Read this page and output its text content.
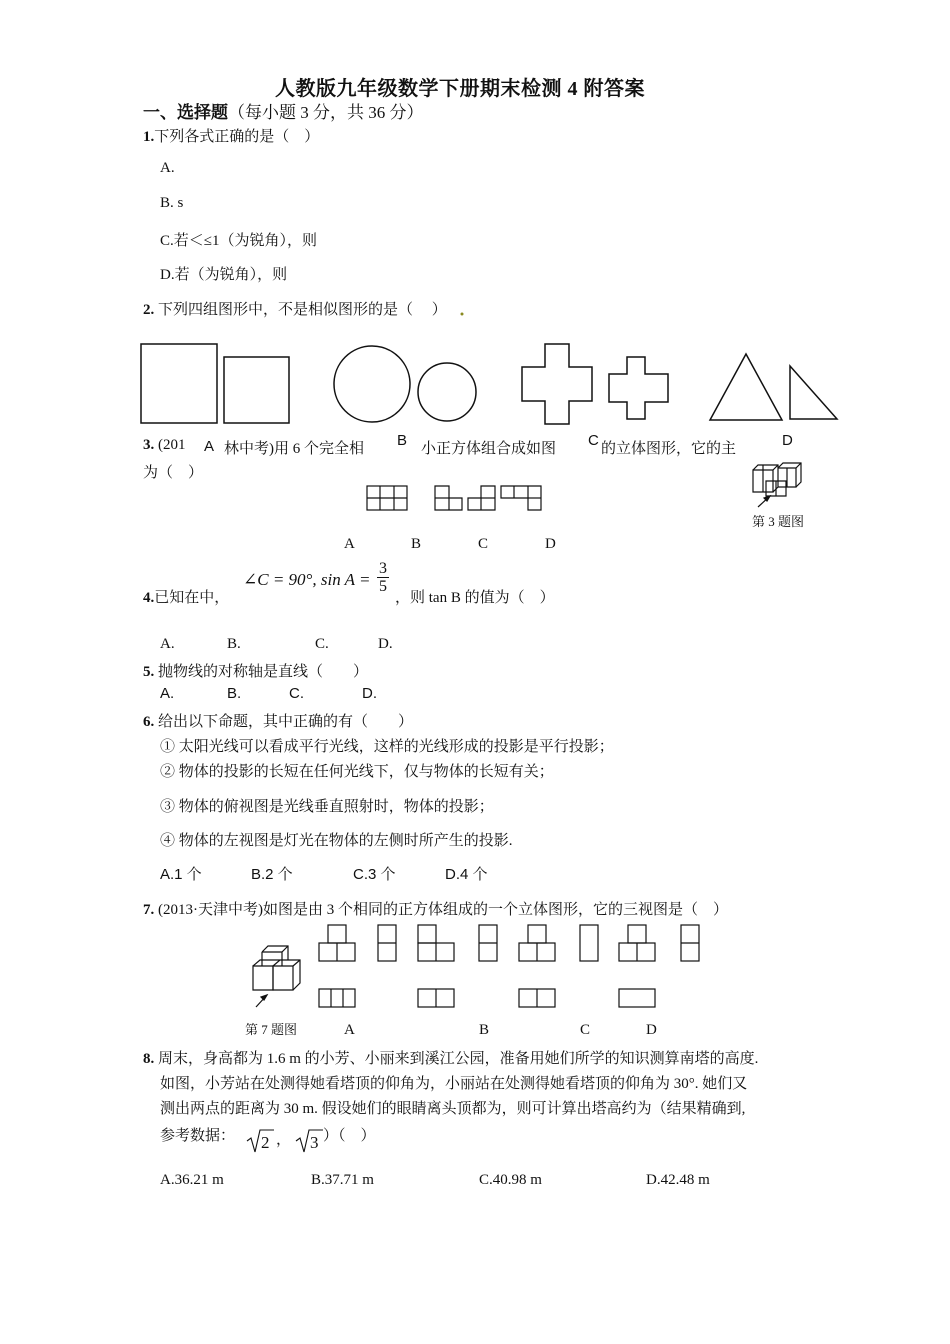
人教版九年级数学下册期末检测 4 附答案
一、选择题（每小题 3 分，共 36 分）
1.下列各式正确的是（　）
A.
B. s
C.若＜≤1（为锐角），则
D.若（为锐角），则
2. 下列四组图形中，不是相似图形的是（　 ）
3. (201	林中考)用 6 个完全相	小正方体组合成如图	的立体图形，它的主
A	B	C	D
为（　）
第 3 题图
A	B	C	D
4.已知在中，
∠C = 90°, $\sin A = \frac{3}{5}$
，则 tan B 的值为（　）
A.	B.	C.	D.
5. 抛物线的对称轴是直线（　　）
A.	B.	C.	D.
6. 给出以下命题，其中正确的有（　　）
① 太阳光线可以看成平行光线，这样的光线形成的投影是平行投影；
② 物体的投影的长短在任何光线下，仅与物体的长短有关；
③ 物体的俯视图是光线垂直照射时，物体的投影；
④ 物体的左视图是灯光在物体的左侧时所产生的投影.
A.1 个	B.2 个	C.3 个	D.4 个
7. (2013·天津中考)如图是由 3 个相同的正方体组成的一个立体图形，它的三视图是（　）
第 7 题图	A	B	C	D
8. 周末，身高都为 1.6 m 的小芳、小丽来到溪江公园，准备用她们所学的知识测算南塔的高度.
如图，小芳站在处测得她看塔顶的仰角为，小丽站在处测得她看塔顶的仰角为 30°. 她们又
测出两点的距离为 30 m. 假设她们的眼睛离头顶都为，则可计算出塔高约为（结果精确到,
参考数据： 2 ， 3 ）（　）
A.36.21 m	B.37.71 m	C.40.98 m	D.42.48 m
